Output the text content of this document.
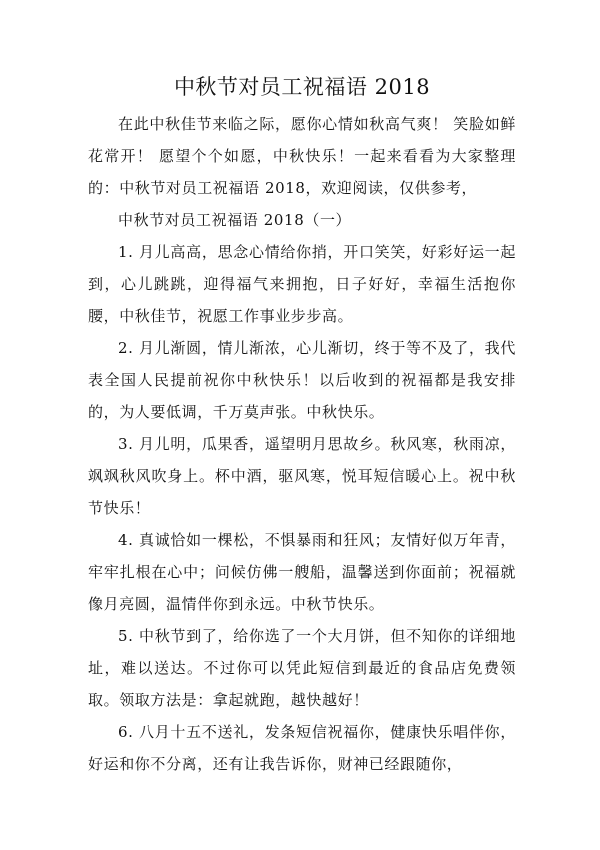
中秋节对员工祝福语 2018

在此中秋佳节来临之际，愿你心情如秋高气爽！ 笑脸如鲜花常开！ 愿望个个如愿，中秋快乐！一起来看看为大家整理的：中秋节对员工祝福语 2018，欢迎阅读，仅供参考，

中秋节对员工祝福语 2018（一）

1. 月儿高高，思念心情给你捎，开口笑笑，好彩好运一起到，心儿跳跳，迎得福气来拥抱，日子好好，幸福生活抱你腰，中秋佳节，祝愿工作事业步步高。

2. 月儿渐圆，情儿渐浓，心儿渐切，终于等不及了，我代表全国人民提前祝你中秋快乐！以后收到的祝福都是我安排的，为人要低调，千万莫声张。中秋快乐。

3. 月儿明，瓜果香，遥望明月思故乡。秋风寒，秋雨凉，飒飒秋风吹身上。杯中酒，驱风寒，悦耳短信暖心上。祝中秋节快乐！

4. 真诚恰如一棵松，不惧暴雨和狂风；友情好似万年青，牢牢扎根在心中；问候仿佛一艘船，温馨送到你面前；祝福就像月亮圆，温情伴你到永远。中秋节快乐。

5. 中秋节到了，给你选了一个大月饼，但不知你的详细地址，难以送达。不过你可以凭此短信到最近的食品店免费领取。领取方法是：拿起就跑，越快越好！

6. 八月十五不送礼，发条短信祝福你，健康快乐唱伴你，好运和你不分离，还有让我告诉你，财神已经跟随你，
